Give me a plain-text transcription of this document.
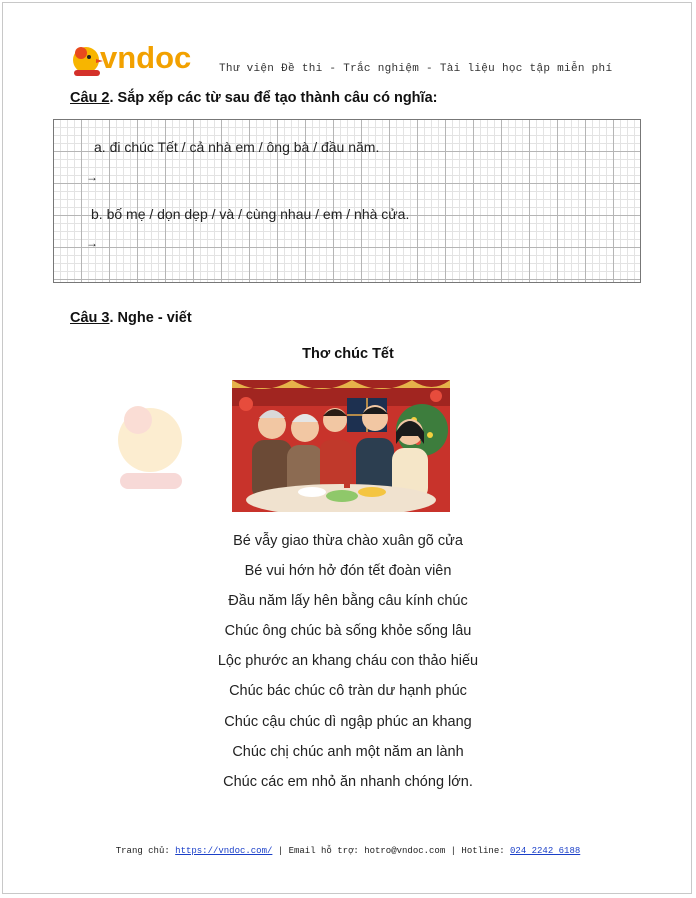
vndoc	Thư viện Đề thi - Trắc nghiệm - Tài liệu học tập miễn phí
Câu 2. Sắp xếp các từ sau để tạo thành câu có nghĩa:
a. đi chúc Tết / cả nhà em / ông bà / đầu năm.
→
b. bố mẹ / dọn dẹp / và / cùng nhau / em / nhà cửa.
→
Câu 3. Nghe - viết
Thơ chúc Tết
Bé vẫy giao thừa chào xuân gõ cửa
Bé vui hớn hở đón tết đoàn viên
Đầu năm lấy hên bằng câu kính chúc
Chúc ông chúc bà sống khỏe sống lâu
Lộc phước an khang cháu con thảo hiếu
Chúc bác chúc cô tràn dư hạnh phúc
Chúc cậu chúc dì ngập phúc an khang
Chúc chị chúc anh một năm an lành
Chúc các em nhỏ ăn nhanh chóng lớn.
Trang chủ: https://vndoc.com/ | Email hỗ trợ: hotro@vndoc.com | Hotline: 024 2242 6188
